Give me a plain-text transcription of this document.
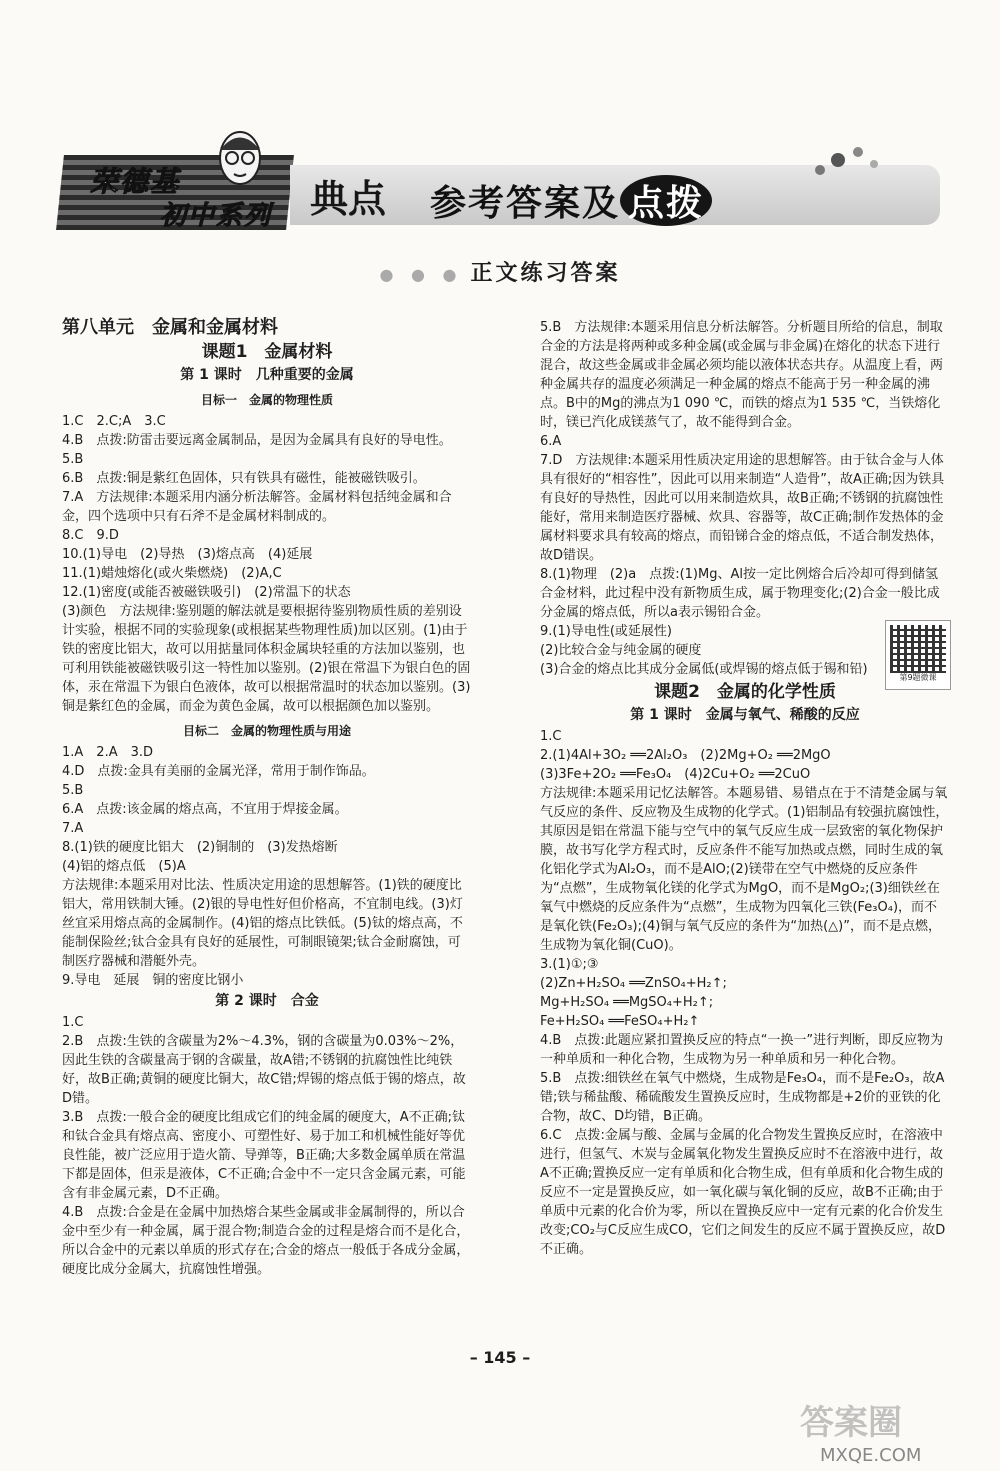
荣德基
初中系列 典点 参考答案及 点拨
● ● ● 正文练习答案
第八单元　 金属和金属材料
课题1　金属材料
第 1 课时　几种重要的金属
目标一　金属的物理性质

1.C　2.C;A　3.C

4.B　点拨:防雷击要远离金属制品，是因为金属具有良好的导电性。

5.B

6.B　点拨:铜是紫红色固体，只有铁具有磁性，能被磁铁吸引。

7.A　方法规律:本题采用内涵分析法解答。金属材料包括纯金属和合金，四个选项中只有石斧不是金属材料制成的。

8.C　9.D

10.(1)导电　(2)导热　(3)熔点高　(4)延展

11.(1)蜡烛熔化(或火柴燃烧)　(2)A,C

12.(1)密度(或能否被磁铁吸引)　(2)常温下的状态

(3)颜色　方法规律:鉴别题的解法就是要根据待鉴别物质性质的差别设计实验，根据不同的实验现象(或根据某些物理性质)加以区别。(1)由于铁的密度比铝大，故可以用掂量同体积金属块轻重的方法加以鉴别，也可利用铁能被磁铁吸引这一特性加以鉴别。(2)银在常温下为银白色的固体，汞在常温下为银白色液体，故可以根据常温时的状态加以鉴别。(3)铜是紫红色的金属，而金为黄色金属，故可以根据颜色加以鉴别。

目标二　金属的物理性质与用途

1.A　2.A　3.D

4.D　点拨:金具有美丽的金属光泽，常用于制作饰品。

5.B

6.A　点拨:该金属的熔点高，不宜用于焊接金属。

7.A

8.(1)铁的硬度比铝大　(2)铜制的　(3)发热熔断

(4)铝的熔点低　(5)A

方法规律:本题采用对比法、性质决定用途的思想解答。(1)铁的硬度比铝大，常用铁制大锤。(2)银的导电性好但价格高，不宜制电线。(3)灯丝宜采用熔点高的金属制作。(4)铝的熔点比铁低。(5)钛的熔点高，不能制保险丝;钛合金具有良好的延展性，可制眼镜架;钛合金耐腐蚀，可制医疗器械和潜艇外壳。

9.导电　延展　铜的密度比钢小

第 2 课时　合金

1.C

2.B　点拨:生铁的含碳量为2%～4.3%，钢的含碳量为0.03%～2%，因此生铁的含碳量高于钢的含碳量，故A错;不锈钢的抗腐蚀性比纯铁好，故B正确;黄铜的硬度比铜大，故C错;焊锡的熔点低于锡的熔点，故D错。

3.B　点拨:一般合金的硬度比组成它们的纯金属的硬度大，A不正确;钛和钛合金具有熔点高、密度小、可塑性好、易于加工和机械性能好等优良性能，被广泛应用于造火箭、导弹等，B正确;大多数金属单质在常温下都是固体，但汞是液体，C不正确;合金中不一定只含金属元素，可能含有非金属元素，D不正确。

4.B　点拨:合金是在金属中加热熔合某些金属或非金属制得的，所以合金中至少有一种金属，属于混合物;制造合金的过程是熔合而不是化合，所以合金中的元素以单质的形式存在;合金的熔点一般低于各成分金属，硬度比成分金属大，抗腐蚀性增强。

5.B　方法规律:本题采用信息分析法解答。分析题目所给的信息，制取合金的方法是将两种或多种金属(或金属与非金属)在熔化的状态下进行混合，故这些金属或非金属必须均能以液体状态共存。从温度上看，两种金属共存的温度必须满足一种金属的熔点不能高于另一种金属的沸点。B中的Mg的沸点为1 090 ℃，而铁的熔点为1 535 ℃，当铁熔化时，镁已汽化成镁蒸气了，故不能得到合金。

6.A

7.D　方法规律:本题采用性质决定用途的思想解答。由于钛合金与人体具有很好的“相容性”，因此可以用来制造“人造骨”，故A正确;因为铁具有良好的导热性，因此可以用来制造炊具，故B正确;不锈钢的抗腐蚀性能好，常用来制造医疗器械、炊具、容器等，故C正确;制作发热体的金属材料要求具有较高的熔点，而铅锑合金的熔点低，不适合制发热体，故D错误。

8.(1)物理　(2)a　点拨:(1)Mg、Al按一定比例熔合后冷却可得到储氢合金材料，此过程中没有新物质生成，属于物理变化;(2)合金一般比成分金属的熔点低，所以a表示锡铅合金。

9.(1)导电性(或延展性)

(2)比较合金与纯金属的硬度

(3)合金的熔点比其成分金属低(或焊锡的熔点低于锡和铅)

第9题微课
课题2　金属的化学性质
第 1 课时　金属与氧气、稀酸的反应

1.C

2.(1)4Al+3O₂ ══2Al₂O₃　(2)2Mg+O₂ ══2MgO

(3)3Fe+2O₂ ══Fe₃O₄　(4)2Cu+O₂ ══2CuO

方法规律:本题采用记忆法解答。本题易错、易错点在于不清楚金属与氧气反应的条件、反应物及生成物的化学式。(1)铝制品有较强抗腐蚀性，其原因是铝在常温下能与空气中的氧气反应生成一层致密的氧化物保护膜，故书写化学方程式时，反应条件不能写加热或点燃，同时生成的氧化铝化学式为Al₂O₃，而不是AlO;(2)镁带在空气中燃烧的反应条件为“点燃”，生成物氧化镁的化学式为MgO，而不是MgO₂;(3)细铁丝在氧气中燃烧的反应条件为“点燃”，生成物为四氧化三铁(Fe₃O₄)，而不是氧化铁(Fe₂O₃);(4)铜与氧气反应的条件为“加热(△)”，而不是点燃，生成物为氧化铜(CuO)。

3.(1)①;③

(2)Zn+H₂SO₄ ══ZnSO₄+H₂↑;

Mg+H₂SO₄ ══MgSO₄+H₂↑;

Fe+H₂SO₄ ══FeSO₄+H₂↑

4.B　点拨:此题应紧扣置换反应的特点“一换一”进行判断，即反应物为一种单质和一种化合物，生成物为另一种单质和另一种化合物。

5.B　点拨:细铁丝在氧气中燃烧，生成物是Fe₃O₄，而不是Fe₂O₃，故A错;铁与稀盐酸、稀硫酸发生置换反应时，生成物都是+2价的亚铁的化合物，故C、D均错，B正确。

6.C　点拨:金属与酸、金属与金属的化合物发生置换反应时，在溶液中进行，但氢气、木炭与金属氧化物发生置换反应时不在溶液中进行，故A不正确;置换反应一定有单质和化合物生成，但有单质和化合物生成的反应不一定是置换反应，如一氧化碳与氧化铜的反应，故B不正确;由于单质中元素的化合价为零，所以在置换反应中一定有元素的化合价发生改变;CO₂与C反应生成CO，它们之间发生的反应不属于置换反应，故D不正确。

– 145 –
答案圈
MXQE.COM
